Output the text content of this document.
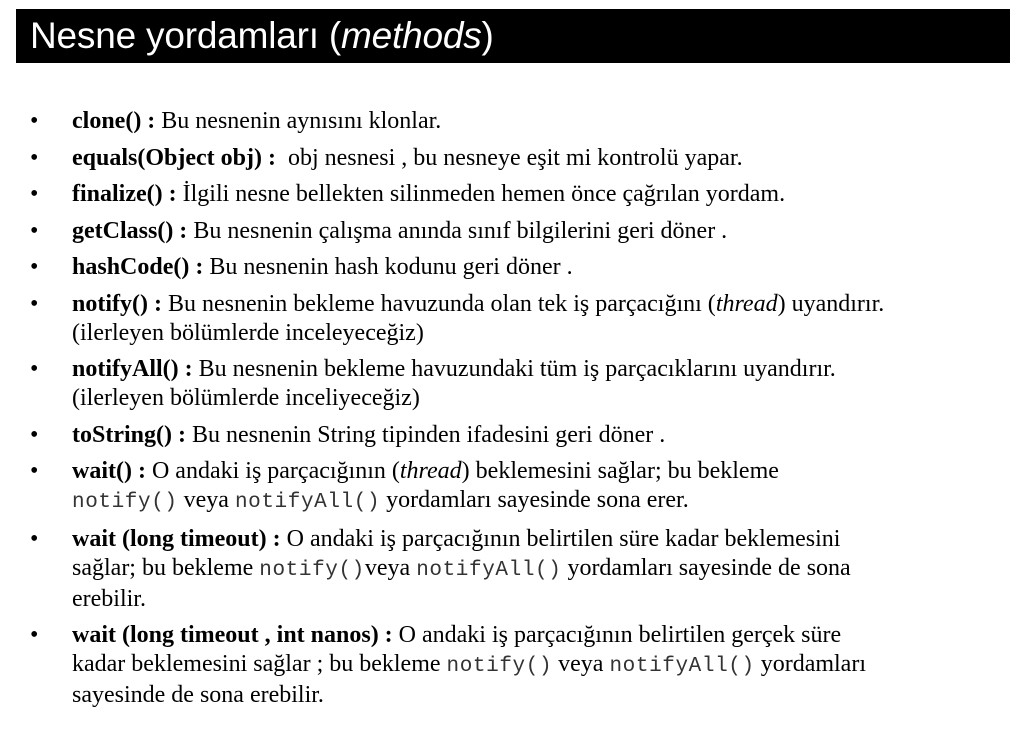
Nesne yordamları (methods)
• clone() : Bu nesnenin aynısını klonlar.
• equals(Object obj) :  obj nesnesi , bu nesneye eşit mi kontrolü yapar.
• finalize() : İlgili nesne bellekten silinmeden hemen önce çağrılan yordam.
• getClass() : Bu nesnenin çalışma anında sınıf bilgilerini geri döner .
• hashCode() : Bu nesnenin hash kodunu geri döner .
• notify() : Bu nesnenin bekleme havuzunda olan tek iş parçacığını (thread) uyandırır.
(ilerleyen bölümlerde inceleyeceğiz)
• notifyAll() : Bu nesnenin bekleme havuzundaki tüm iş parçacıklarını uyandırır.
(ilerleyen bölümlerde inceliyeceğiz)
• toString() : Bu nesnenin String tipinden ifadesini geri döner .
• wait() : O andaki iş parçacığının (thread) beklemesini sağlar; bu bekleme
notify() veya notifyAll() yordamları sayesinde sona erer.
• wait (long timeout) : O andaki iş parçacığının belirtilen süre kadar beklemesini
sağlar; bu bekleme notify()veya notifyAll() yordamları sayesinde de sona
erebilir.
• wait (long timeout , int nanos) : O andaki iş parçacığının belirtilen gerçek süre
kadar beklemesini sağlar ; bu bekleme notify() veya notifyAll() yordamları
sayesinde de sona erebilir.
